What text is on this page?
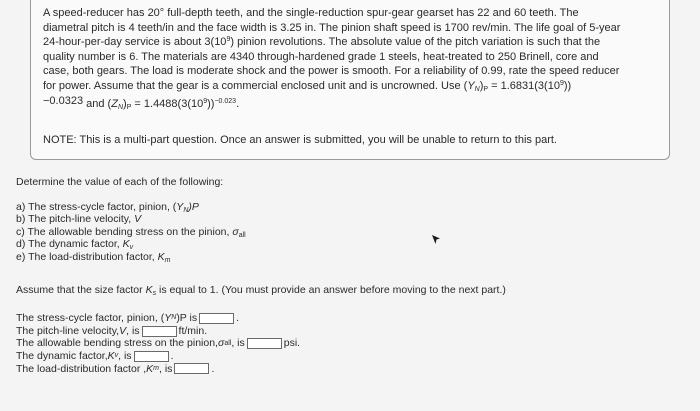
A speed-reducer has 20° full-depth teeth, and the single-reduction spur-gear gearset has 22 and 60 teeth. The
diametral pitch is 4 teeth/in and the face width is 3.25 in. The pinion shaft speed is 1700 rev/min. The life goal of 5-year
24-hour-per-day service is about $3(10^9)$ pinion revolutions. The absolute value of the pitch variation is such that the
quality number is 6. The materials are 4340 through-hardened grade 1 steels, heat-treated to 250 Brinell, core and
case, both gears. The load is moderate shock and the power is smooth. For a reliability of 0.99, rate the speed reducer
for power. Assume that the gear is a commercial enclosed unit and is uncrowned. Use $(Y_N)_P = 1.6831(3(10^9))$
−0.0323 and $(Z_N)_P = 1.4488(3(10^9))^{-0.023}$.

NOTE: This is a multi-part question. Once an answer is submitted, you will be unable to return to this part.

Determine the value of each of the following:

a) The stress-cycle factor, pinion, $(Y_N)P$
b) The pitch-line velocity, V
c) The allowable bending stress on the pinion, $\sigma_{all}$
d) The dynamic factor, $K_v$
e) The load-distribution factor, $K_m$

Assume that the size factor $K_s$ is equal to 1. (You must provide an answer before moving to the next part.)

The stress-cycle factor, pinion, ( Y N )P is	.
The pitch-line velocity, V , is	ft/min.
The allowable bending stress on the pinion, σ all , is	psi.
The dynamic factor, K v , is	.
The load-distribution factor , K m , is	.
